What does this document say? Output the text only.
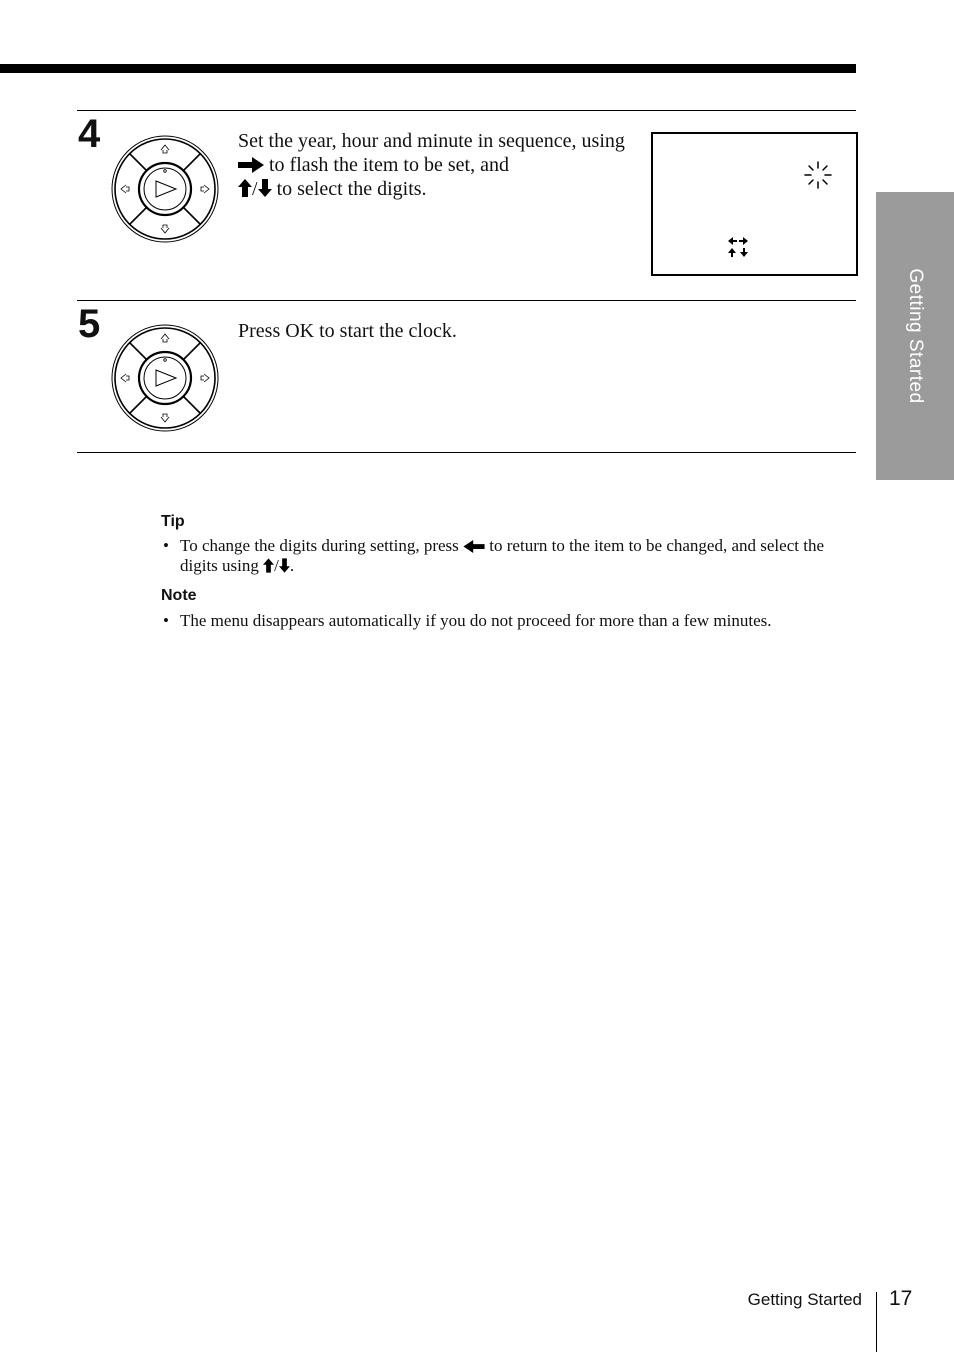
Getting Started
4	Set the year, hour and minute in sequence, using  to flash the item to be set, and
/ to select the digits.
5	Press OK to start the clock.
Tip
• To change the digits during setting, press to return to the item to be changed, and select the digits using / .
Note
• The menu disappears automatically if you do not proceed for more than a few minutes.
Getting Started 17
